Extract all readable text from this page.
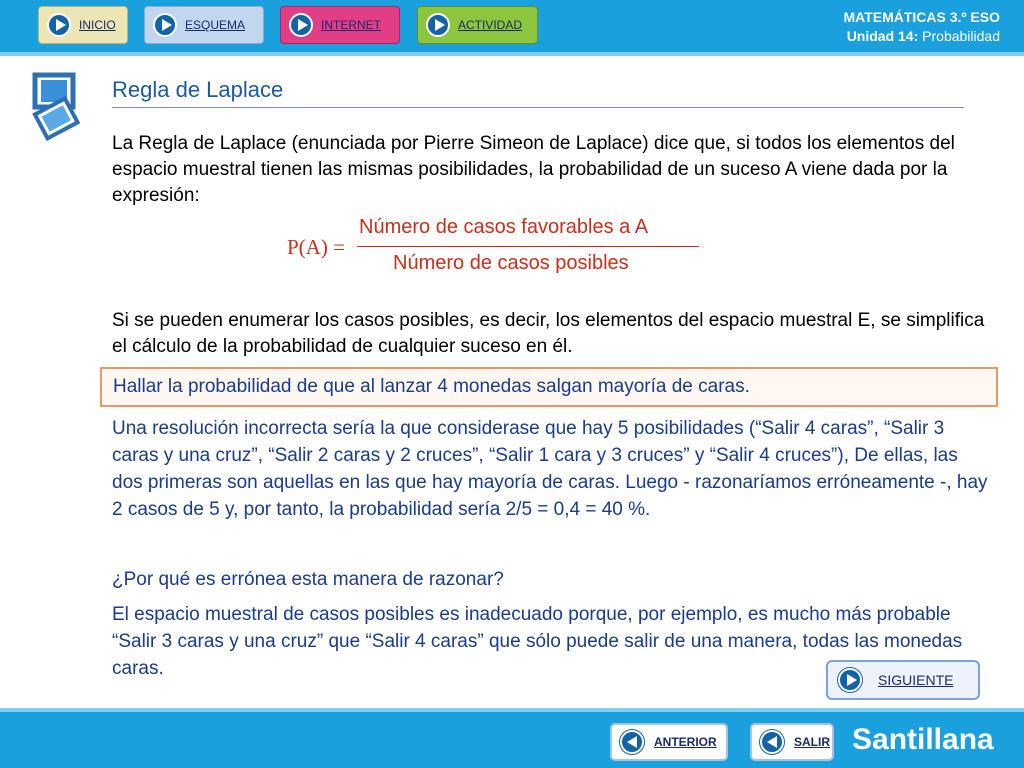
INICIO	ESQUEMA	INTERNET	ACTIVIDAD	MATEMÁTICAS 3.º ESO
Unidad 14: Probabilidad
Regla de Laplace

La Regla de Laplace (enunciada por Pierre Simeon de Laplace) dice que, si todos los elementos del espacio muestral tienen las mismas posibilidades, la probabilidad de un suceso A viene dada por la expresión:

P(A) =
Número de casos favorables a A
Número de casos posibles

Si se pueden enumerar los casos posibles, es decir, los elementos del espacio muestral E, se simplifica el cálculo de la probabilidad de cualquier suceso en él.

Hallar la probabilidad de que al lanzar 4 monedas salgan mayoría de caras.

Una resolución incorrecta sería la que considerase que hay 5 posibilidades (“Salir 4 caras”, “Salir 3 caras y una cruz”, “Salir 2 caras y 2 cruces”, “Salir 1 cara y 3 cruces” y “Salir 4 cruces”), De ellas, las dos primeras son aquellas en las que hay mayoría de caras. Luego - razonaríamos erróneamente -, hay 2 casos de 5 y, por tanto, la probabilidad sería 2/5 = 0,4 = 40 %.

¿Por qué es errónea esta manera de razonar?

El espacio muestral de casos posibles es inadecuado porque, por ejemplo, es mucho más probable “Salir 3 caras y una cruz” que “Salir 4 caras” que sólo puede salir de una manera, todas las monedas caras.

SIGUIENTE
ANTERIOR	SALIR Santillana
